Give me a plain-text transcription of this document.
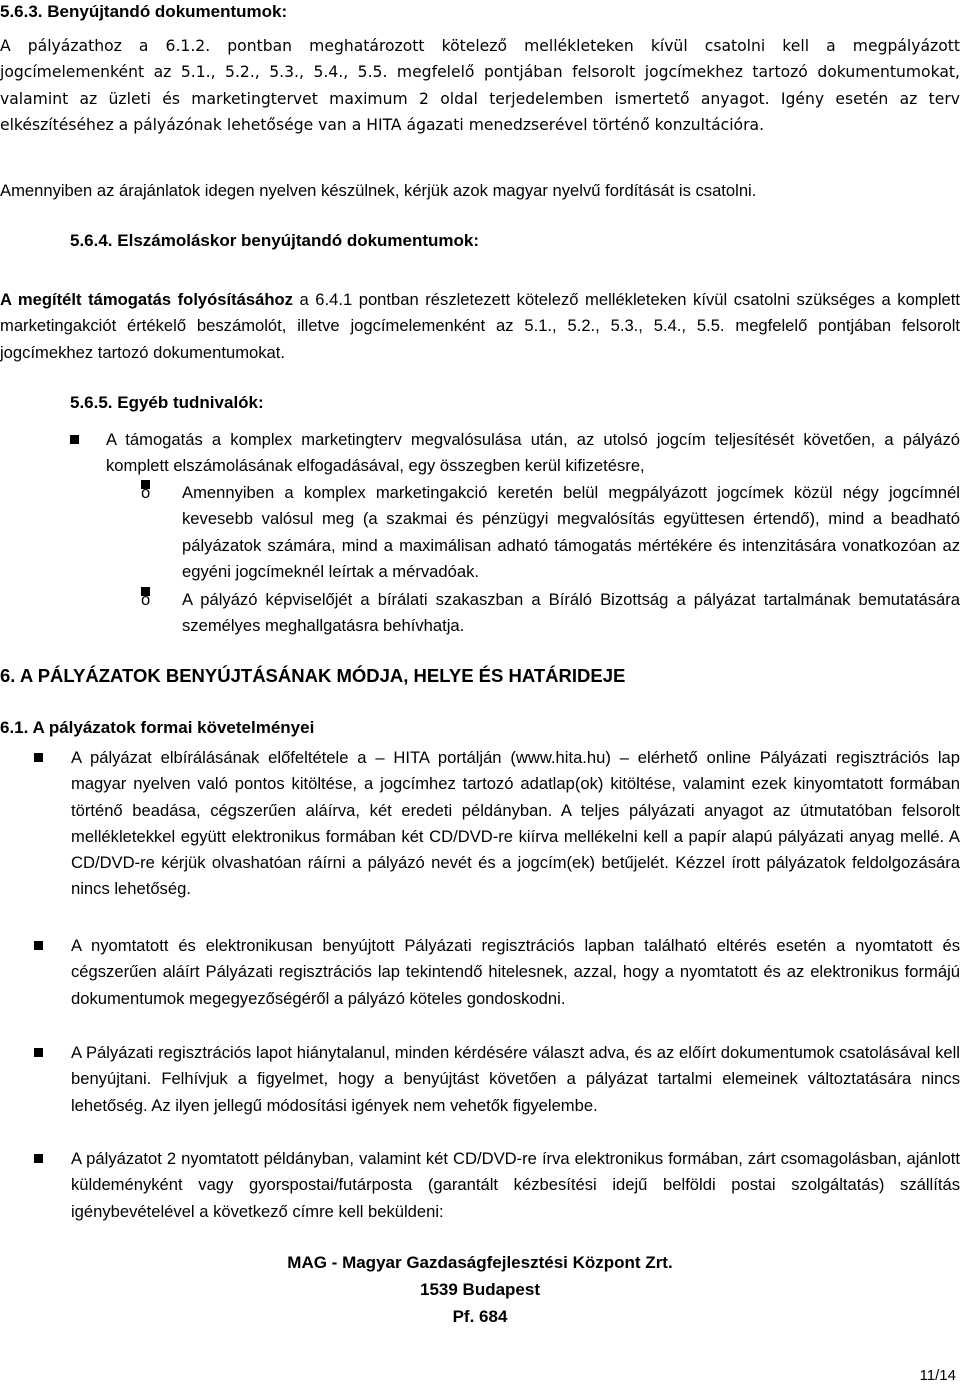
5.6.3. Benyújtandó dokumentumok:

A pályázathoz a 6.1.2. pontban meghatározott kötelező mellékleteken kívül csatolni kell a megpályázott jogcímelemenként az 5.1., 5.2., 5.3., 5.4., 5.5. megfelelő pontjában felsorolt jogcímekhez tartozó dokumentumokat, valamint az üzleti és marketingtervet maximum 2 oldal terjedelemben ismertető anyagot. Igény esetén az terv elkészítéséhez a pályázónak lehetősége van a HITA ágazati menedzserével történő konzultációra.

Amennyiben az árajánlatok idegen nyelven készülnek, kérjük azok magyar nyelvű fordítását is csatolni.

5.6.4. Elszámoláskor benyújtandó dokumentumok:

A megítélt támogatás folyósításához a 6.4.1 pontban részletezett kötelező mellékleteken kívül csatolni szükséges a komplett marketingakciót értékelő beszámolót, illetve jogcímelemenként az 5.1., 5.2., 5.3., 5.4., 5.5. megfelelő pontjában felsorolt jogcímekhez tartozó dokumentumokat.

5.6.5. Egyéb tudnivalók:

A támogatás a komplex marketingterv megvalósulása után, az utolsó jogcím teljesítését követően, a pályázó komplett elszámolásának elfogadásával, egy összegben kerül kifizetésre,

o Amennyiben a komplex marketingakció keretén belül megpályázott jogcímek közül négy jogcímnél kevesebb valósul meg (a szakmai és pénzügyi megvalósítás együttesen értendő), mind a beadható pályázatok számára, mind a maximálisan adható támogatás mértékére és intenzitására vonatkozóan az egyéni jogcímeknél leírtak a mérvadóak.

o A pályázó képviselőjét a bírálati szakaszban a Bíráló Bizottság a pályázat tartalmának bemutatására személyes meghallgatásra behívhatja.

6. A PÁLYÁZATOK BENYÚJTÁSÁNAK MÓDJA, HELYE ÉS HATÁRIDEJE
6.1. A pályázatok formai követelményei

A pályázat elbírálásának előfeltétele a – HITA portálján (www.hita.hu) – elérhető online Pályázati regisztrációs lap magyar nyelven való pontos kitöltése, a jogcímhez tartozó adatlap(ok) kitöltése, valamint ezek kinyomtatott formában történő beadása, cégszerűen aláírva, két eredeti példányban. A teljes pályázati anyagot az útmutatóban felsorolt mellékletekkel együtt elektronikus formában két CD/DVD-re kiírva mellékelni kell a papír alapú pályázati anyag mellé. A CD/DVD-re kérjük olvashatóan ráírni a pályázó nevét és a jogcím(ek) betűjelét. Kézzel írott pályázatok feldolgozására nincs lehetőség.

A nyomtatott és elektronikusan benyújtott Pályázati regisztrációs lapban található eltérés esetén a nyomtatott és cégszerűen aláírt Pályázati regisztrációs lap tekintendő hitelesnek, azzal, hogy a nyomtatott és az elektronikus formájú dokumentumok megegyezőségéről a pályázó köteles gondoskodni.

A Pályázati regisztrációs lapot hiánytalanul, minden kérdésére választ adva, és az előírt dokumentumok csatolásával kell benyújtani. Felhívjuk a figyelmet, hogy a benyújtást követően a pályázat tartalmi elemeinek változtatására nincs lehetőség. Az ilyen jellegű módosítási igények nem vehetők figyelembe.

A pályázatot 2 nyomtatott példányban, valamint két CD/DVD-re írva elektronikus formában, zárt csomagolásban, ajánlott küldeményként vagy gyorspostai/futárposta (garantált kézbesítési idejű belföldi postai szolgáltatás) szállítás igénybevételével a következő címre kell beküldeni:

MAG - Magyar Gazdaságfejlesztési Központ Zrt.
1539 Budapest
Pf. 684
11/14
